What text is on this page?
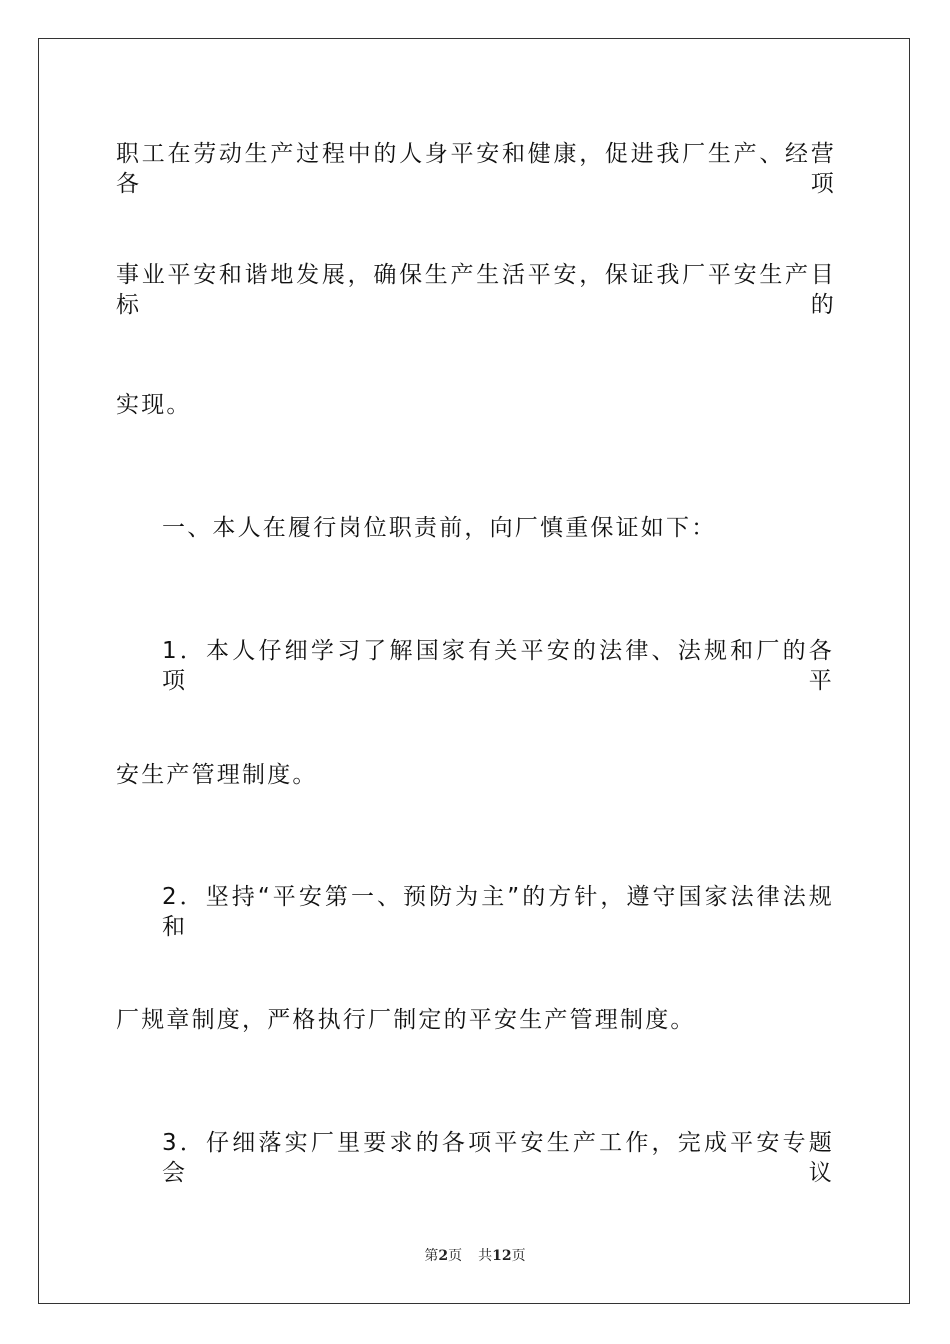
职工在劳动生产过程中的人身平安和健康，促进我厂生产、经营各项
事业平安和谐地发展，确保生产生活平安，保证我厂平安生产目标的
实现。
一、本人在履行岗位职责前，向厂慎重保证如下：
1．本人仔细学习了解国家有关平安的法律、法规和厂的各项平
安生产管理制度。
2．坚持“平安第一、预防为主”的方针，遵守国家法律法规和
厂规章制度，严格执行厂制定的平安生产管理制度。
3．仔细落实厂里要求的各项平安生产工作，完成平安专题会议
第2页 共12页
